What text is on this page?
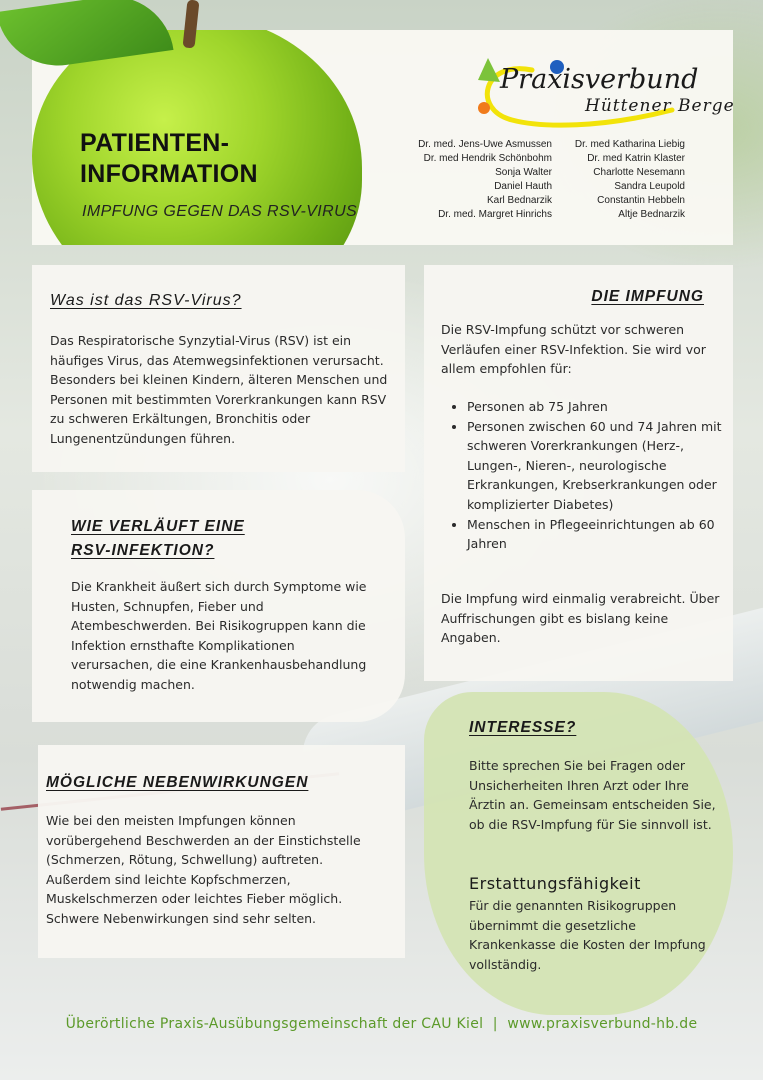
PATIENTEN-
INFORMATION
IMPFUNG GEGEN DAS RSV-VIRUS
Praxisverbund
Hüttener Berge
Dr. med. Jens-Uwe Asmussen
Dr. med Hendrik Schönbohm
Sonja Walter
Daniel Hauth
Karl Bednarzik
Dr. med. Margret Hinrichs
Dr. med Katharina Liebig
Dr. med Katrin Klaster
Charlotte Nesemann
Sandra Leupold
Constantin Hebbeln
Altje Bednarzik
Was ist das RSV-Virus?

Das Respiratorische Synzytial-Virus (RSV) ist ein häufiges Virus, das Atemwegsinfektionen verursacht. Besonders bei kleinen Kindern, älteren Menschen und Personen mit bestimmten Vorerkrankungen kann RSV zu schweren Erkältungen, Bronchitis oder Lungenentzündungen führen.

DIE IMPFUNG

Die RSV-Impfung schützt vor schweren Verläufen einer RSV-Infektion. Sie wird vor allem empfohlen für:

• Personen ab 75 Jahren
• Personen zwischen 60 und 74 Jahren mit schweren Vorerkrankungen (Herz-, Lungen-, Nieren-, neurologische Erkrankungen, Krebserkrankungen oder komplizierter Diabetes)
• Menschen in Pflegeeinrichtungen ab 60 Jahren

Die Impfung wird einmalig verabreicht. Über Auffrischungen gibt es bislang keine Angaben.

WIE VERLÄUFT EINE
RSV-INFEKTION?

Die Krankheit äußert sich durch Symptome wie Husten, Schnupfen, Fieber und Atembeschwerden. Bei Risikogruppen kann die Infektion ernsthafte Komplikationen verursachen, die eine Krankenhausbehandlung notwendig machen.

MÖGLICHE NEBENWIRKUNGEN

Wie bei den meisten Impfungen können vorübergehend Beschwerden an der Einstichstelle (Schmerzen, Rötung, Schwellung) auftreten. Außerdem sind leichte Kopfschmerzen, Muskelschmerzen oder leichtes Fieber möglich. Schwere Nebenwirkungen sind sehr selten.

INTERESSE?

Bitte sprechen Sie bei Fragen oder Unsicherheiten Ihren Arzt oder Ihre Ärztin an. Gemeinsam entscheiden Sie, ob die RSV-Impfung für Sie sinnvoll ist.

Erstattungsfähigkeit

Für die genannten Risikogruppen übernimmt die gesetzliche Krankenkasse die Kosten der Impfung vollständig.

Überörtliche Praxis-Ausübungsgemeinschaft der CAU Kiel  |  www.praxisverbund-hb.de
